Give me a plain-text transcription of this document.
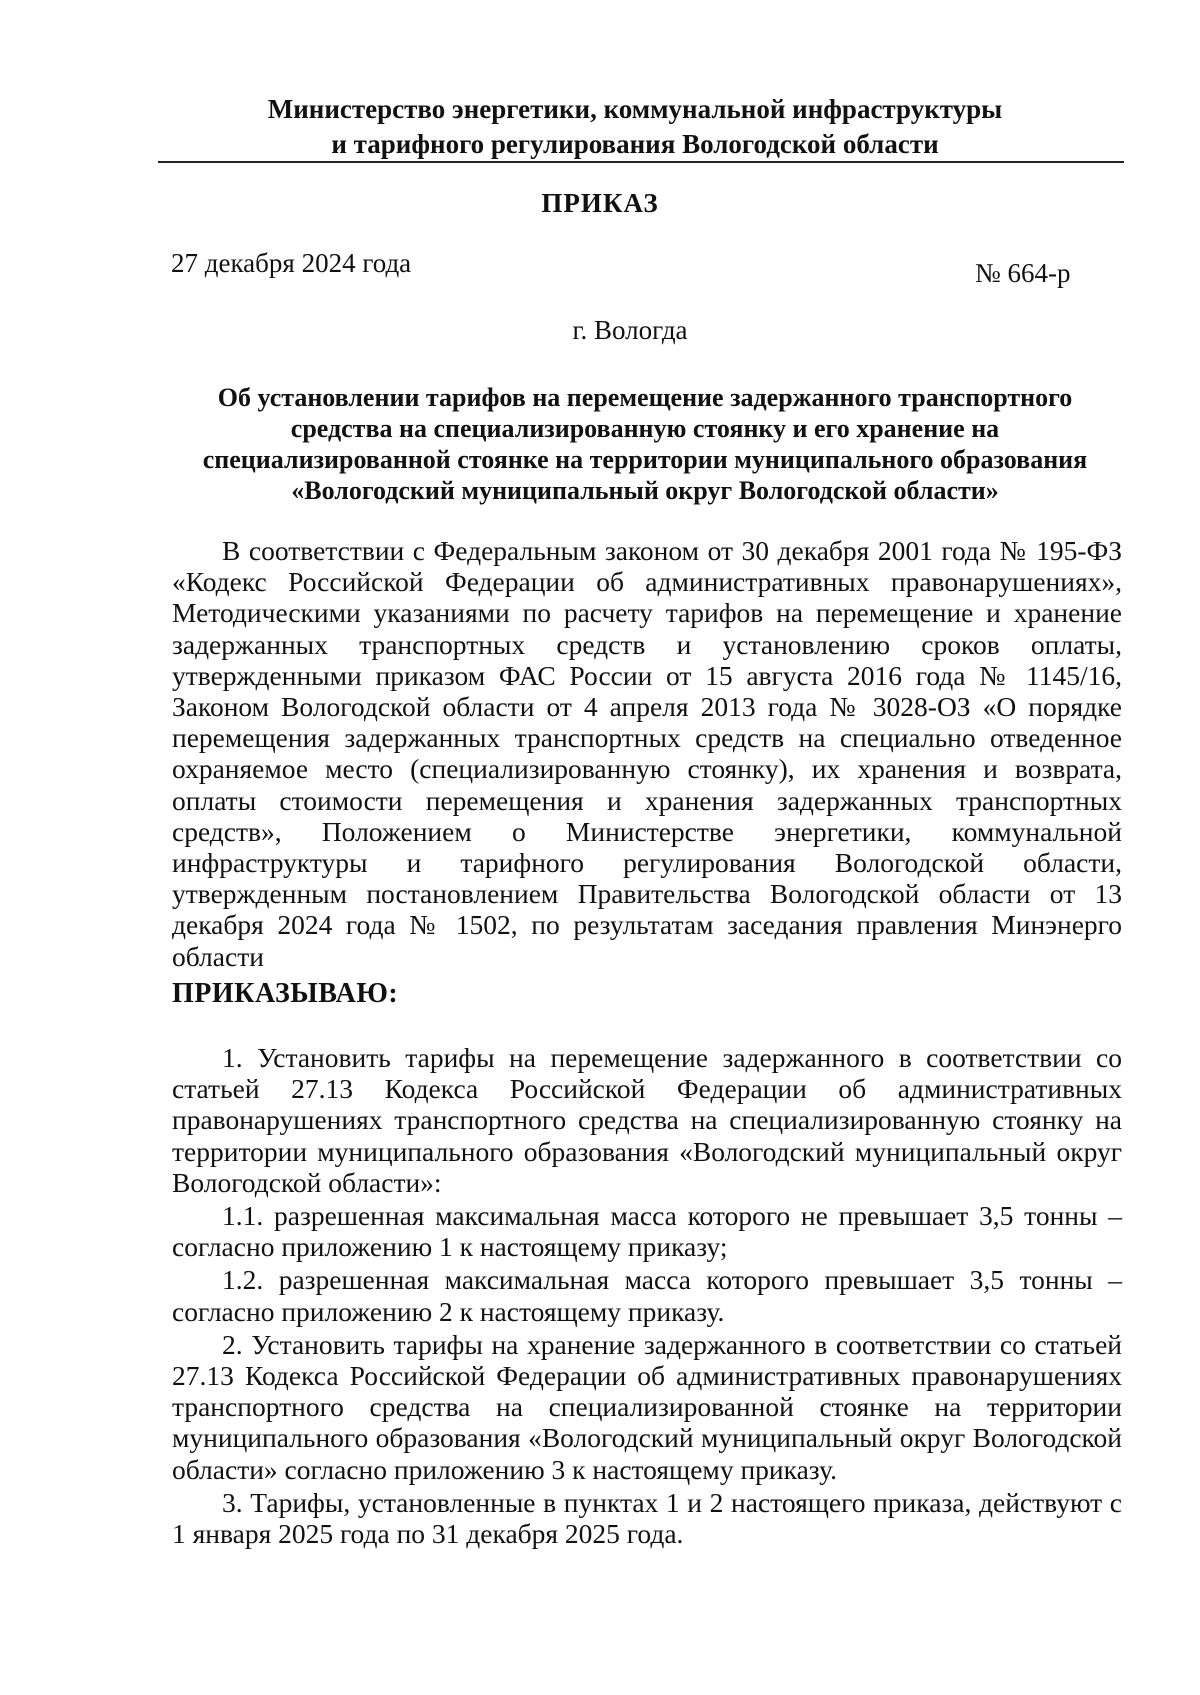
Министерство энергетики, коммунальной инфраструктуры
и тарифного регулирования Вологодской области
ПРИКАЗ
27 декабря 2024 года	№ 664-р
г. Вологда
Об установлении тарифов на перемещение задержанного транспортного
средства на специализированную стоянку и его хранение на
специализированной стоянке на территории муниципального образования
«Вологодский муниципальный округ Вологодской области»
В соответствии с Федеральным законом от 30 декабря 2001 года № 195-ФЗ «Кодекс Российской Федерации об административных правонарушениях», Методическими указаниями по расчету тарифов на перемещение и хранение задержанных транспортных средств и установлению сроков оплаты, утвержденными приказом ФАС России от 15 августа 2016 года № 1145/16, Законом Вологодской области от 4 апреля 2013 года № 3028-ОЗ «О порядке перемещения задержанных транспортных средств на специально отведенное охраняемое место (специализированную стоянку), их хранения и возврата, оплаты стоимости перемещения и хранения задержанных транспортных средств», Положением о Министерстве энергетики, коммунальной инфраструктуры и тарифного регулирования Вологодской области, утвержденным постановлением Правительства Вологодской области от 13 декабря 2024 года № 1502, по результатам заседания правления Минэнерго области
ПРИКАЗЫВАЮ:

1. Установить тарифы на перемещение задержанного в соответствии со статьей 27.13 Кодекса Российской Федерации об административных правонарушениях транспортного средства на специализированную стоянку на территории муниципального образования «Вологодский муниципальный округ Вологодской области»:

1.1. разрешенная максимальная масса которого не превышает 3,5 тонны – согласно приложению 1 к настоящему приказу;

1.2. разрешенная максимальная масса которого превышает 3,5 тонны – согласно приложению 2 к настоящему приказу.

2. Установить тарифы на хранение задержанного в соответствии со статьей 27.13 Кодекса Российской Федерации об административных правонарушениях транспортного средства на специализированной стоянке на территории муниципального образования «Вологодский муниципальный округ Вологодской области» согласно приложению 3 к настоящему приказу.

3. Тарифы, установленные в пунктах 1 и 2 настоящего приказа, действуют с 1 января 2025 года по 31 декабря 2025 года.
